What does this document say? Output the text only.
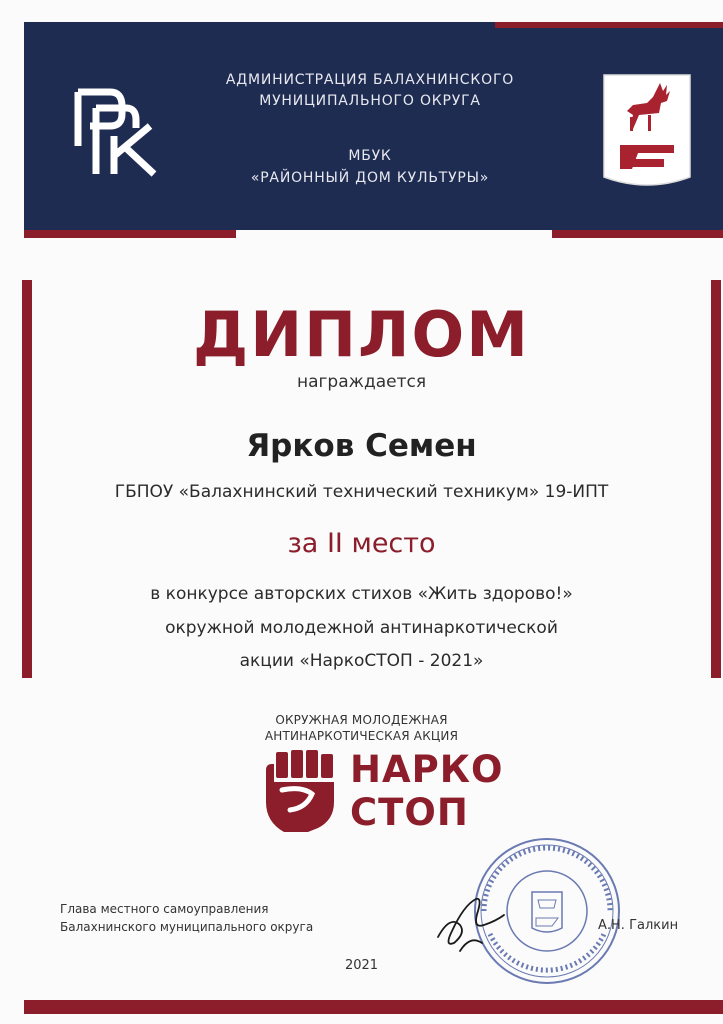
АДМИНИСТРАЦИЯ БАЛАХНИНСКОГО
МУНИЦИПАЛЬНОГО ОКРУГА
МБУК
«РАЙОННЫЙ ДОМ КУЛЬТУРЫ»
ДИПЛОМ
награждается
Ярков Семен
ГБПОУ «Балахнинский технический техникум» 19-ИПТ
за II место
в конкурсе авторских стихов «Жить здорово!»
окружной молодежной антинаркотической
акции «НаркоСТОП - 2021»
ОКРУЖНАЯ МОЛОДЕЖНАЯ
АНТИНАРКОТИЧЕСКАЯ АКЦИЯ
НАРКО
СТОП
Глава местного самоуправления
Балахнинского муниципального округа	А.Н. Галкин
2021
